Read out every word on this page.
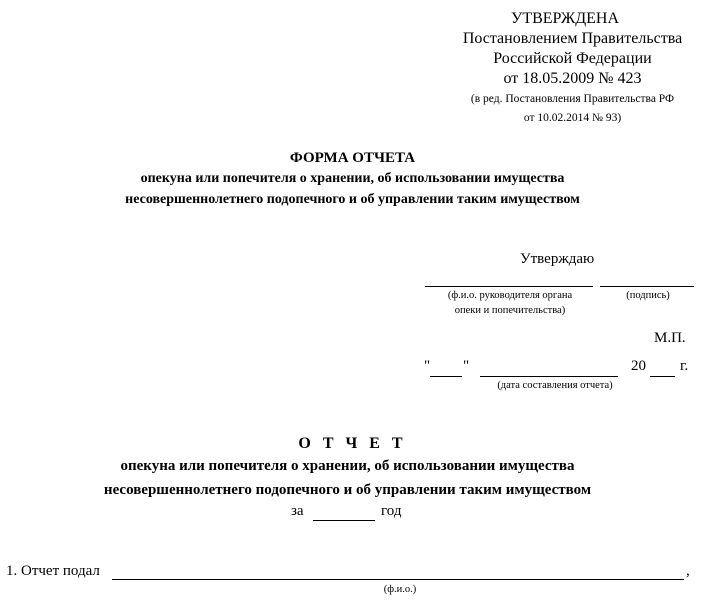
УТВЕРЖДЕНА
Постановлением Правительства
Российской Федерации
от 18.05.2009 № 423
(в ред. Постановления Правительства РФ
от 10.02.2014 № 93)
ФОРМА ОТЧЕТА
опекуна или попечителя о хранении, об использовании имущества
несовершеннолетнего подопечного и об управлении таким имуществом
Утверждаю
(ф.и.о. руководителя органа
опеки и попечительства)
(подпись)
М.П.
" "	20 г.
(дата составления отчета)
О Т Ч Е Т
опекуна или попечителя о хранении, об использовании имущества
несовершеннолетнего подопечного и об управлении таким имуществом
за	год
1. Отчет подал	,
(ф.и.о.)
